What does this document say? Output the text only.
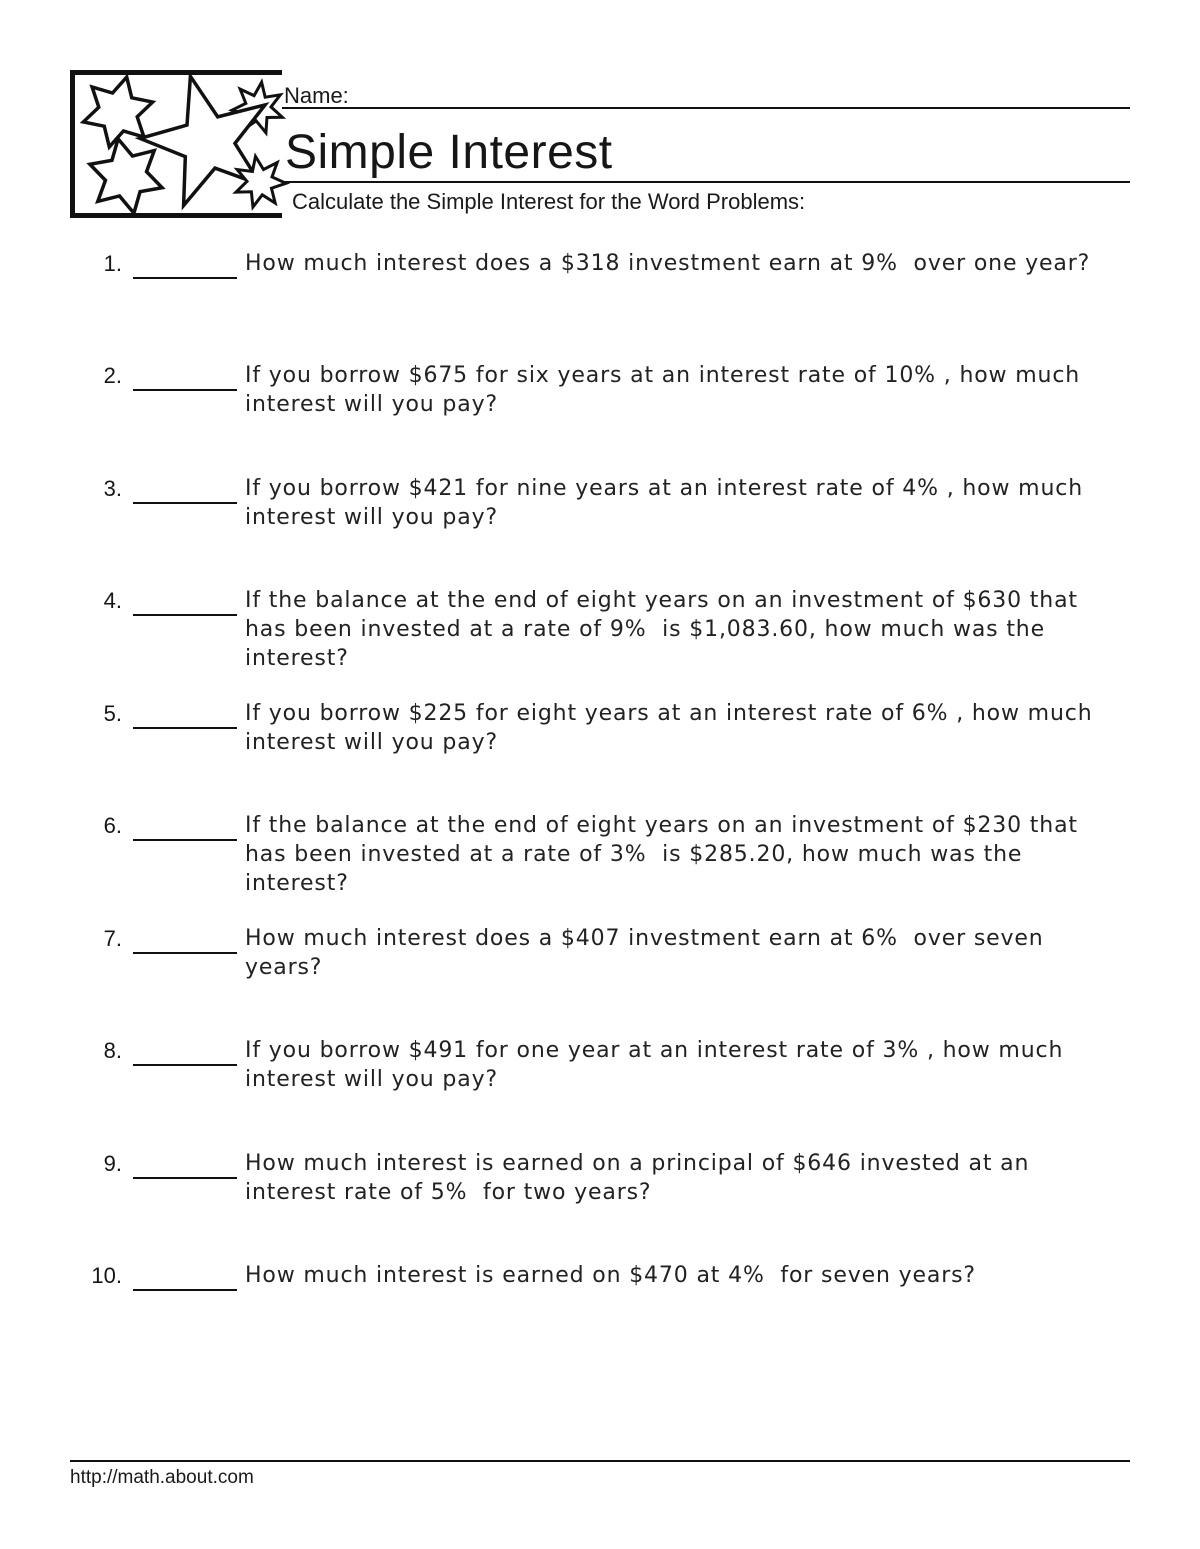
Name:
Simple Interest
Calculate the Simple Interest for the Word Problems:
1.	How much interest does a $318 investment earn at 9%  over one year?
2.	If you borrow $675 for six years at an interest rate of 10% , how much interest will you pay?
3.	If you borrow $421 for nine years at an interest rate of 4% , how much interest will you pay?
4.	If the balance at the end of eight years on an investment of $630 that has been invested at a rate of 9%  is $1,083.60, how much was the interest?
5.	If you borrow $225 for eight years at an interest rate of 6% , how much interest will you pay?
6.	If the balance at the end of eight years on an investment of $230 that has been invested at a rate of 3%  is $285.20, how much was the interest?
7.	How much interest does a $407 investment earn at 6%  over seven years?
8.	If you borrow $491 for one year at an interest rate of 3% , how much interest will you pay?
9.	How much interest is earned on a principal of $646 invested at an interest rate of 5%  for two years?
10.	How much interest is earned on $470 at 4%  for seven years?
http://math.about.com
